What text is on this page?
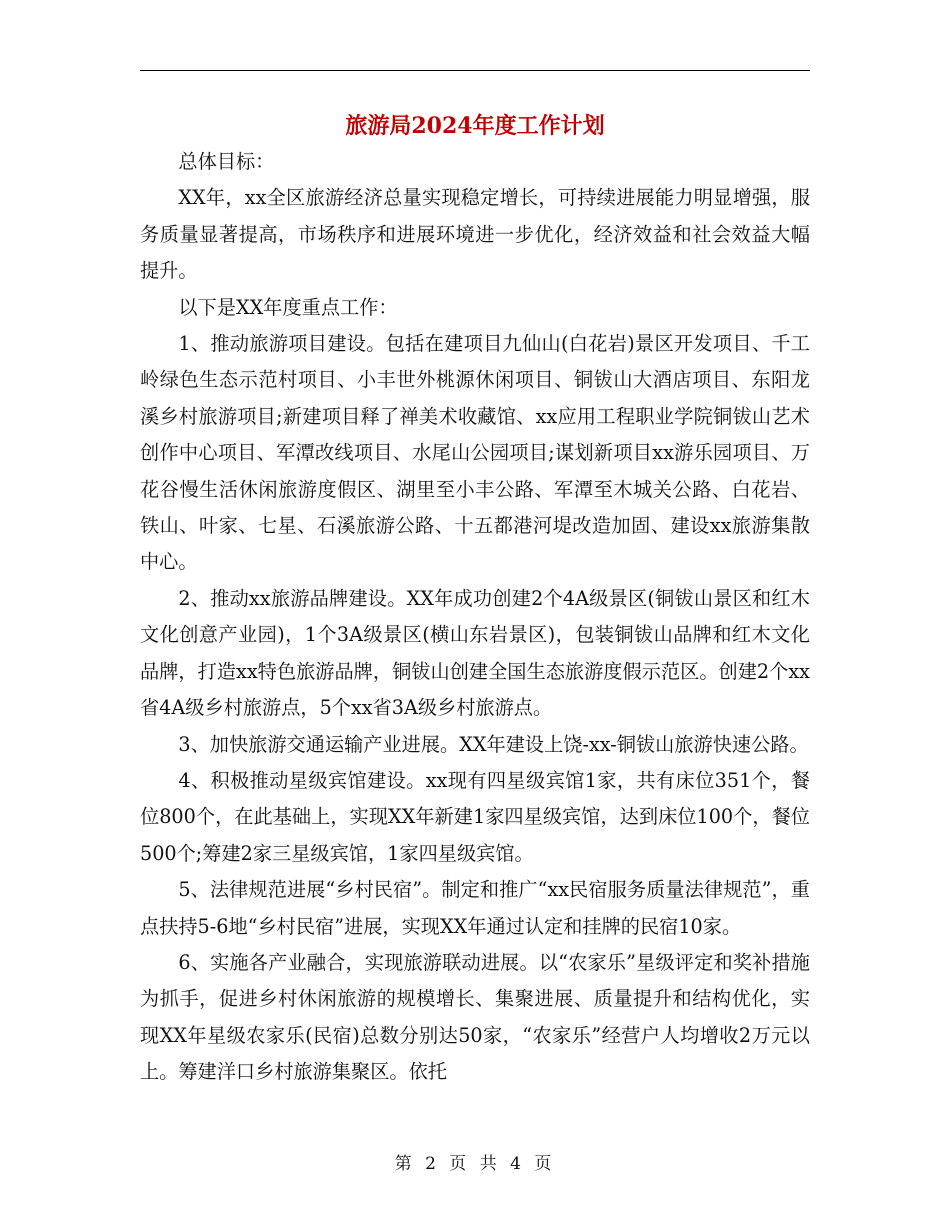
旅游局2024年度工作计划

总体目标：

XX年，xx全区旅游经济总量实现稳定增长，可持续进展能力明显增强，服务质量显著提高，市场秩序和进展环境进一步优化，经济效益和社会效益大幅提升。

以下是XX年度重点工作：

1、推动旅游项目建设。包括在建项目九仙山(白花岩)景区开发项目、千工岭绿色生态示范村项目、小丰世外桃源休闲项目、铜钹山大酒店项目、东阳龙溪乡村旅游项目;新建项目释了禅美术收藏馆、xx应用工程职业学院铜钹山艺术创作中心项目、军潭改线项目、水尾山公园项目;谋划新项目xx游乐园项目、万花谷慢生活休闲旅游度假区、湖里至小丰公路、军潭至木城关公路、白花岩、铁山、叶家、七星、石溪旅游公路、十五都港河堤改造加固、建设xx旅游集散中心。

2、推动xx旅游品牌建设。XX年成功创建2个4A级景区(铜钹山景区和红木文化创意产业园)，1个3A级景区(横山东岩景区)，包装铜钹山品牌和红木文化品牌，打造xx特色旅游品牌，铜钹山创建全国生态旅游度假示范区。创建2个xx省4A级乡村旅游点，5个xx省3A级乡村旅游点。

3、加快旅游交通运输产业进展。XX年建设上饶-xx-铜钹山旅游快速公路。

4、积极推动星级宾馆建设。xx现有四星级宾馆1家，共有床位351个，餐位800个，在此基础上，实现XX年新建1家四星级宾馆，达到床位100个，餐位500个;筹建2家三星级宾馆，1家四星级宾馆。

5、法律规范进展“乡村民宿”。制定和推广“xx民宿服务质量法律规范”，重点扶持5-6地“乡村民宿”进展，实现XX年通过认定和挂牌的民宿10家。

6、实施各产业融合，实现旅游联动进展。以“农家乐”星级评定和奖补措施为抓手，促进乡村休闲旅游的规模增长、集聚进展、质量提升和结构优化，实现XX年星级农家乐(民宿)总数分别达50家，“农家乐”经营户人均增收2万元以上。筹建洋口乡村旅游集聚区。依托

第 2 页 共 4 页
